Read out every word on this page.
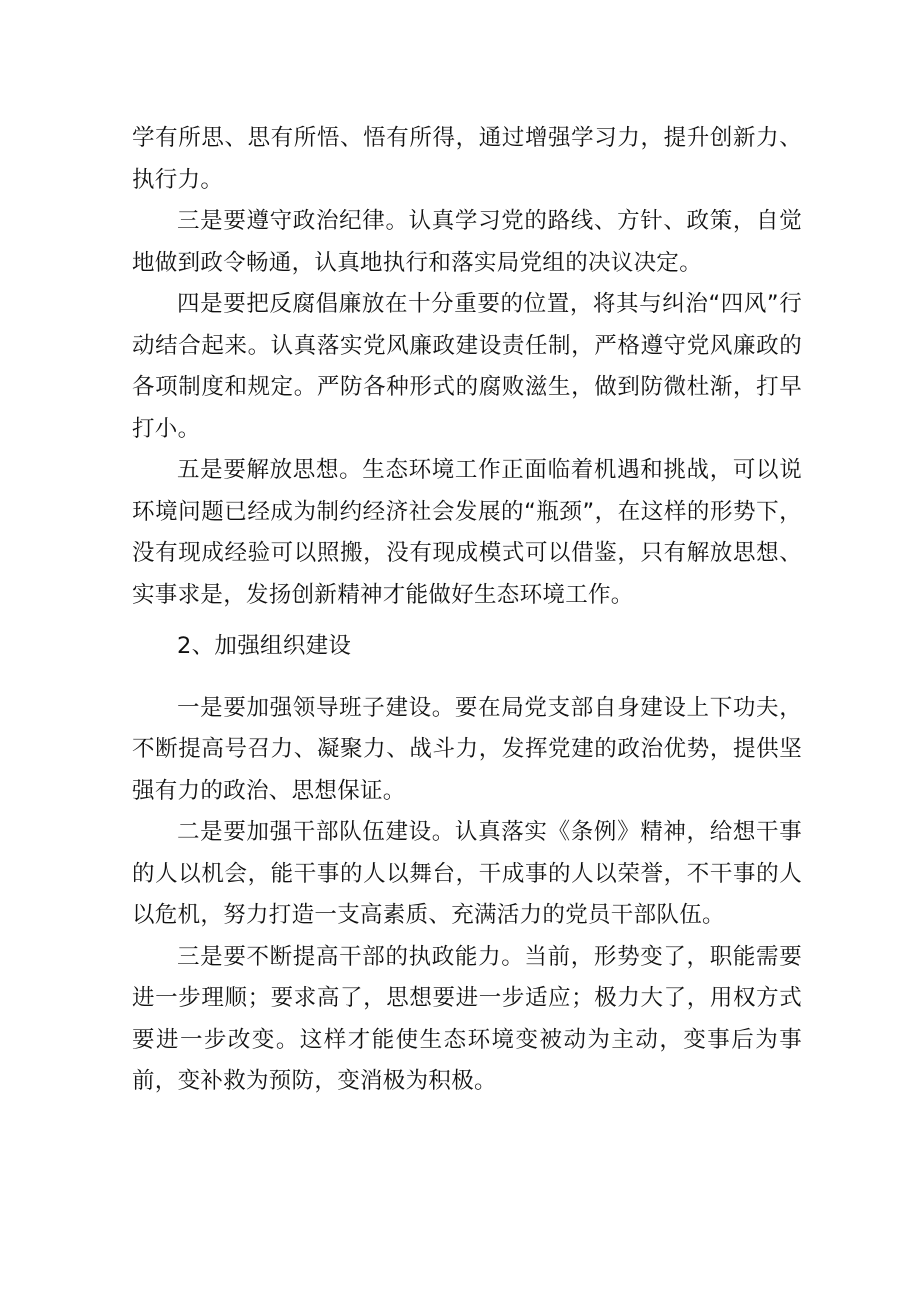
学有所思、思有所悟、悟有所得，通过增强学习力，提升创新力、执行力。

三是要遵守政治纪律。认真学习党的路线、方针、政策，自觉地做到政令畅通，认真地执行和落实局党组的决议决定。

四是要把反腐倡廉放在十分重要的位置，将其与纠治“四风”行动结合起来。认真落实党风廉政建设责任制，严格遵守党风廉政的各项制度和规定。严防各种形式的腐败滋生，做到防微杜渐，打早打小。

五是要解放思想。生态环境工作正面临着机遇和挑战，可以说环境问题已经成为制约经济社会发展的“瓶颈”，在这样的形势下，没有现成经验可以照搬，没有现成模式可以借鉴，只有解放思想、实事求是，发扬创新精神才能做好生态环境工作。

2、加强组织建设

一是要加强领导班子建设。要在局党支部自身建设上下功夫，不断提高号召力、凝聚力、战斗力，发挥党建的政治优势，提供坚强有力的政治、思想保证。

二是要加强干部队伍建设。认真落实《条例》精神，给想干事的人以机会，能干事的人以舞台，干成事的人以荣誉，不干事的人以危机，努力打造一支高素质、充满活力的党员干部队伍。

三是要不断提高干部的执政能力。当前，形势变了，职能需要进一步理顺；要求高了，思想要进一步适应；极力大了，用权方式要进一步改变。这样才能使生态环境变被动为主动，变事后为事前，变补救为预防，变消极为积极。
